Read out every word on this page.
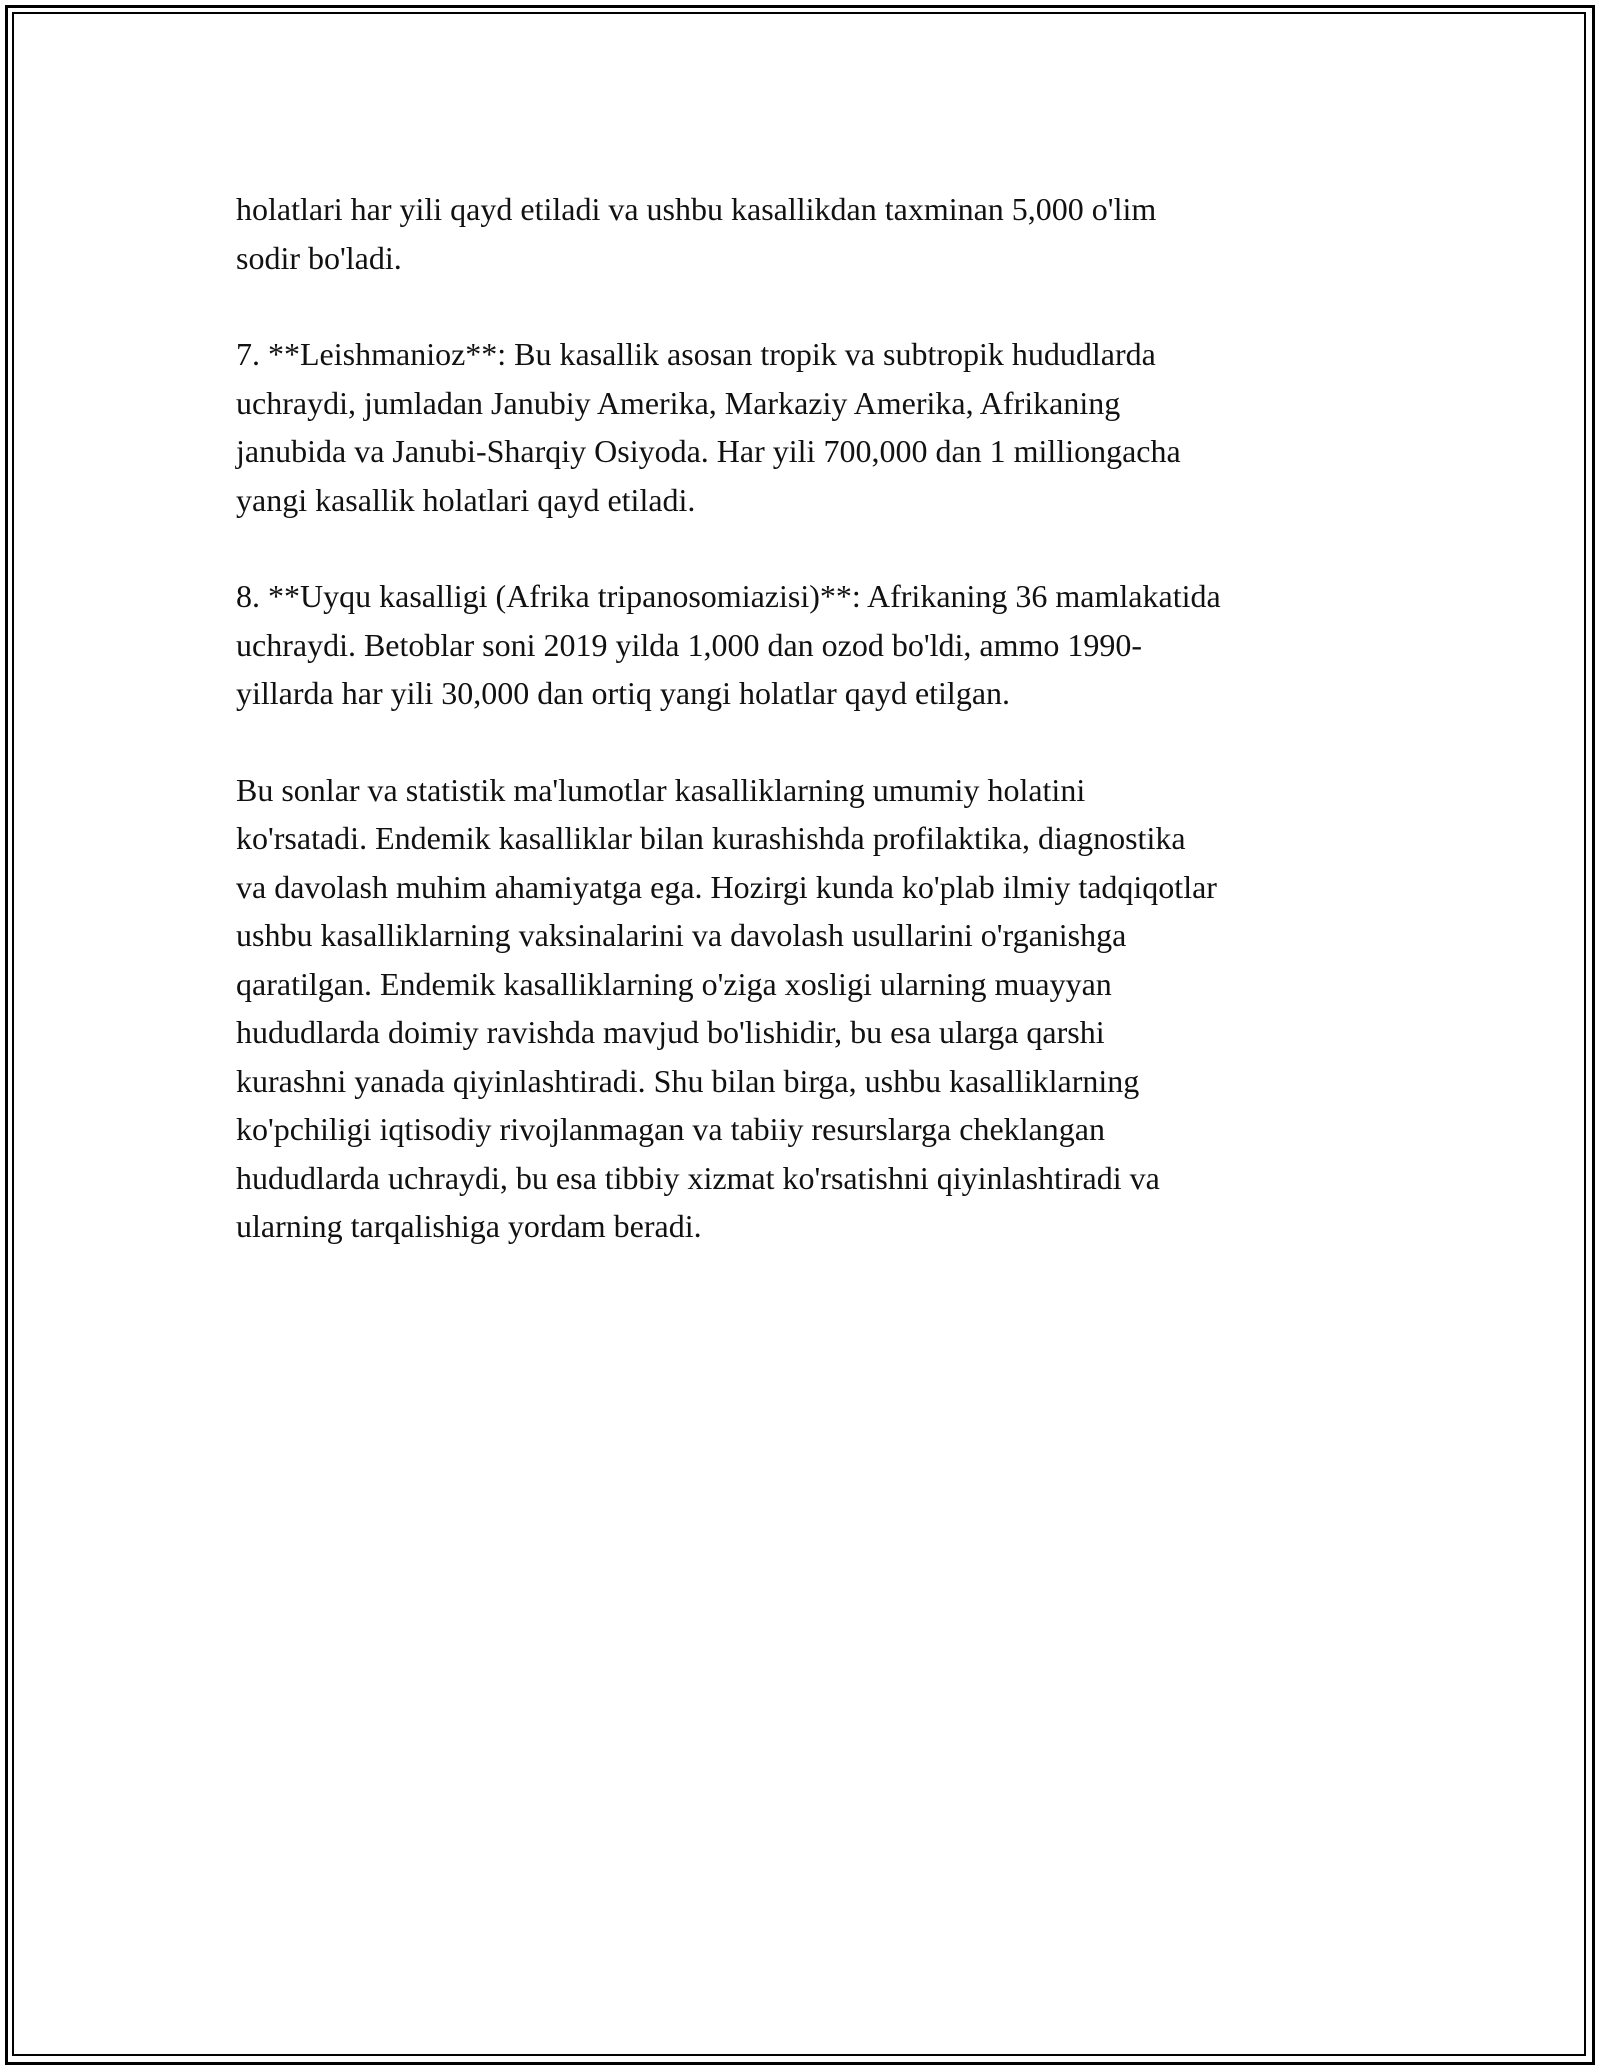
holatlari har yili qayd etiladi va ushbu kasallikdan taxminan 5,000 o'lim
sodir bo'ladi.

7. **Leishmanioz**: Bu kasallik asosan tropik va subtropik hududlarda
uchraydi, jumladan Janubiy Amerika, Markaziy Amerika, Afrikaning
janubida va Janubi-Sharqiy Osiyoda. Har yili 700,000 dan 1 milliongacha
yangi kasallik holatlari qayd etiladi.

8. **Uyqu kasalligi (Afrika tripanosomiazisi)**: Afrikaning 36 mamlakatida
uchraydi. Betoblar soni 2019 yilda 1,000 dan ozod bo'ldi, ammo 1990-
yillarda har yili 30,000 dan ortiq yangi holatlar qayd etilgan.

Bu sonlar va statistik ma'lumotlar kasalliklarning umumiy holatini
ko'rsatadi. Endemik kasalliklar bilan kurashishda profilaktika, diagnostika
va davolash muhim ahamiyatga ega. Hozirgi kunda ko'plab ilmiy tadqiqotlar
ushbu kasalliklarning vaksinalarini va davolash usullarini o'rganishga
qaratilgan. Endemik kasalliklarning o'ziga xosligi ularning muayyan
hududlarda doimiy ravishda mavjud bo'lishidir, bu esa ularga qarshi
kurashni yanada qiyinlashtiradi. Shu bilan birga, ushbu kasalliklarning
ko'pchiligi iqtisodiy rivojlanmagan va tabiiy resurslarga cheklangan
hududlarda uchraydi, bu esa tibbiy xizmat ko'rsatishni qiyinlashtiradi va
ularning tarqalishiga yordam beradi.
